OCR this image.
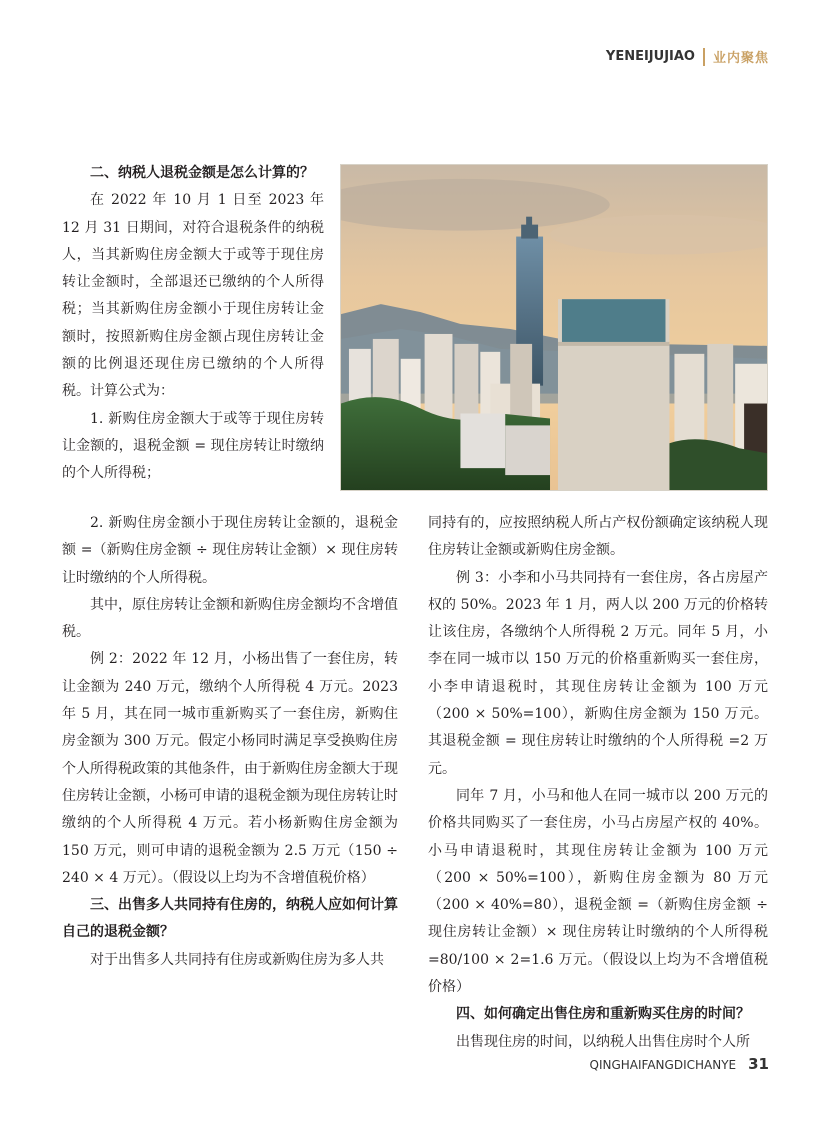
YENEIJUJIAO 业内聚焦

二、纳税人退税金额是怎么计算的？

在 2022 年 10 月 1 日至 2023 年 12 月 31 日期间，对符合退税条件的纳税人，当其新购住房金额大于或等于现住房转让金额时，全部退还已缴纳的个人所得税；当其新购住房金额小于现住房转让金额时，按照新购住房金额占现住房转让金额的比例退还现住房已缴纳的个人所得税。计算公式为：

1. 新购住房金额大于或等于现住房转让金额的，退税金额 = 现住房转让时缴纳的个人所得税；

2. 新购住房金额小于现住房转让金额的，退税金额 =（新购住房金额 ÷ 现住房转让金额）× 现住房转让时缴纳的个人所得税。

其中，原住房转让金额和新购住房金额均不含增值税。

例 2：2022 年 12 月，小杨出售了一套住房，转让金额为 240 万元，缴纳个人所得税 4 万元。2023 年 5 月，其在同一城市重新购买了一套住房，新购住房金额为 300 万元。假定小杨同时满足享受换购住房个人所得税政策的其他条件，由于新购住房金额大于现住房转让金额，小杨可申请的退税金额为现住房转让时缴纳的个人所得税 4 万元。若小杨新购住房金额为 150 万元，则可申请的退税金额为 2.5 万元（150 ÷ 240 × 4 万元）。（假设以上均为不含增值税价格）

三、出售多人共同持有住房的，纳税人应如何计算自己的退税金额？

对于出售多人共同持有住房或新购住房为多人共

同持有的，应按照纳税人所占产权份额确定该纳税人现住房转让金额或新购住房金额。

例 3：小李和小马共同持有一套住房，各占房屋产权的 50%。2023 年 1 月，两人以 200 万元的价格转让该住房，各缴纳个人所得税 2 万元。同年 5 月，小李在同一城市以 150 万元的价格重新购买一套住房，小李申请退税时，其现住房转让金额为 100 万元（200 × 50%=100），新购住房金额为 150 万元。其退税金额 = 现住房转让时缴纳的个人所得税 =2 万元。

同年 7 月，小马和他人在同一城市以 200 万元的价格共同购买了一套住房，小马占房屋产权的 40%。小马申请退税时，其现住房转让金额为 100 万元（200 × 50%=100），新购住房金额为 80 万元（200 × 40%=80），退税金额 =（新购住房金额 ÷ 现住房转让金额）× 现住房转让时缴纳的个人所得税 =80/100 × 2=1.6 万元。（假设以上均为不含增值税价格）

四、如何确定出售住房和重新购买住房的时间？

出售现住房的时间，以纳税人出售住房时个人所

QINGHAIFANGDICHANYE 31
